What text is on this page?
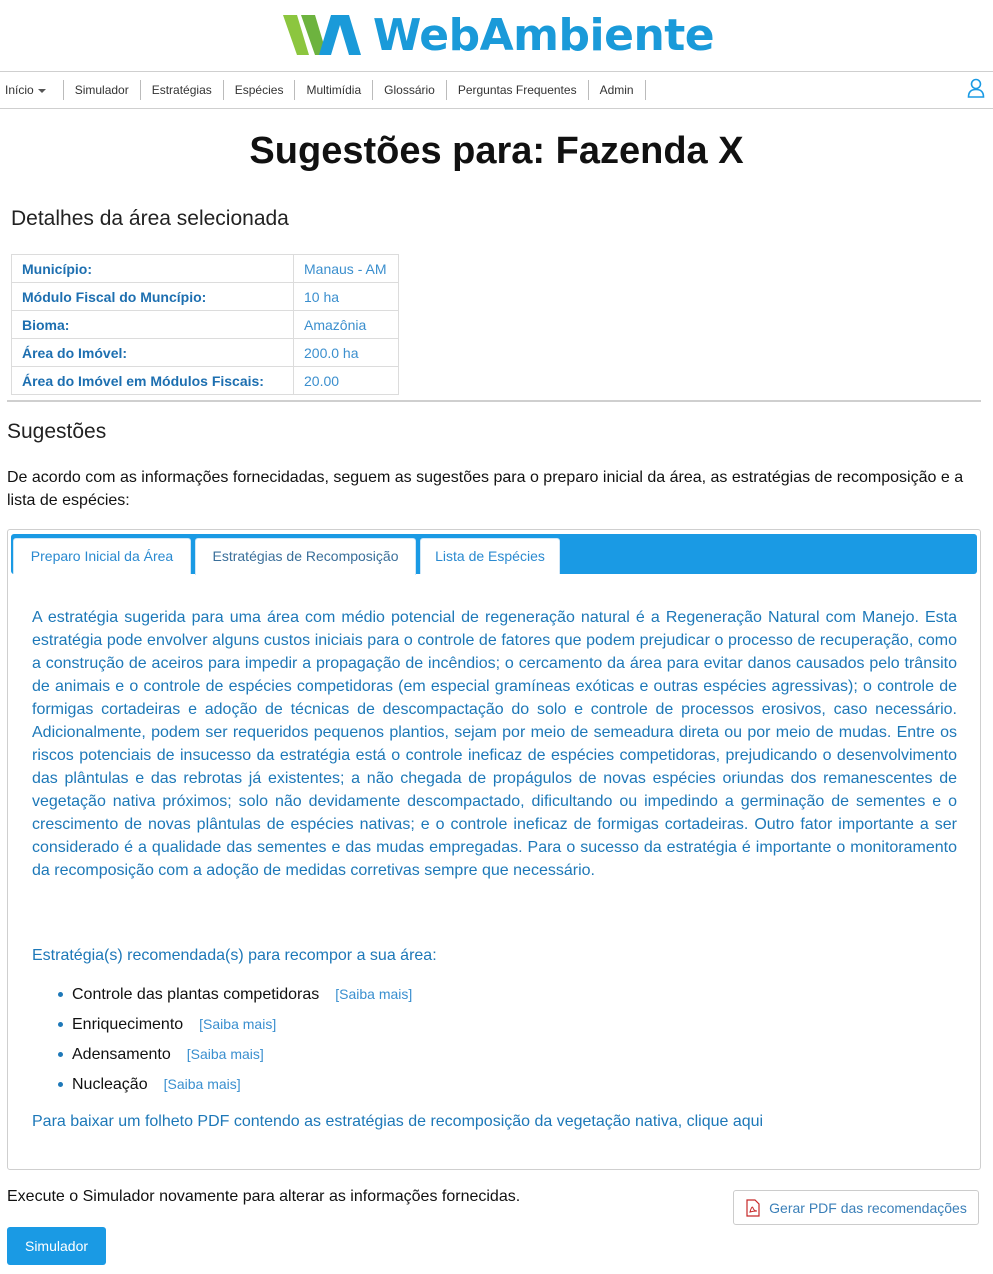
WebAmbiente
Início	Simulador	Estratégias	Espécies	Multimídia	Glossário	Perguntas Frequentes	Admin
Sugestões para: Fazenda X
Detalhes da área selecionada
Município:	Manaus - AM
Módulo Fiscal do Muncípio:	10 ha
Bioma:	Amazônia
Área do Imóvel:	200.0 ha
Área do Imóvel em Módulos Fiscais:	20.00
Sugestões

De acordo com as informações fornecidadas, seguem as sugestões para o preparo inicial da área, as estratégias de recomposição e a lista de espécies:

Preparo Inicial da Área	Estratégias de Recomposição	Lista de Espécies

A estratégia sugerida para uma área com médio potencial de regeneração natural é a Regeneração Natural com Manejo. Esta estratégia pode envolver alguns custos iniciais para o controle de fatores que podem prejudicar o processo de recuperação, como a construção de aceiros para impedir a propagação de incêndios; o cercamento da área para evitar danos causados pelo trânsito de animais e o controle de espécies competidoras (em especial gramíneas exóticas e outras espécies agressivas); o controle de formigas cortadeiras e adoção de técnicas de descompactação do solo e controle de processos erosivos, caso necessário. Adicionalmente, podem ser requeridos pequenos plantios, sejam por meio de semeadura direta ou por meio de mudas. Entre os riscos potenciais de insucesso da estratégia está o controle ineficaz de espécies competidoras, prejudicando o desenvolvimento das plântulas e das rebrotas já existentes; a não chegada de propágulos de novas espécies oriundas dos remanescentes de vegetação nativa próximos; solo não devidamente descompactado, dificultando ou impedindo a germinação de sementes e o crescimento de novas plântulas de espécies nativas; e o controle ineficaz de formigas cortadeiras. Outro fator importante a ser considerado é a qualidade das sementes e das mudas empregadas. Para o sucesso da estratégia é importante o monitoramento da recomposição com a adoção de medidas corretivas sempre que necessário.

Estratégia(s) recomendada(s) para recompor a sua área:
Controle das plantas competidoras [Saiba mais]
Enriquecimento [Saiba mais]
Adensamento [Saiba mais]
Nucleação [Saiba mais]
Para baixar um folheto PDF contendo as estratégias de recomposição da vegetação nativa, clique aqui
Execute o Simulador novamente para alterar as informações fornecidas.
Gerar PDF das recomendações
Simulador
